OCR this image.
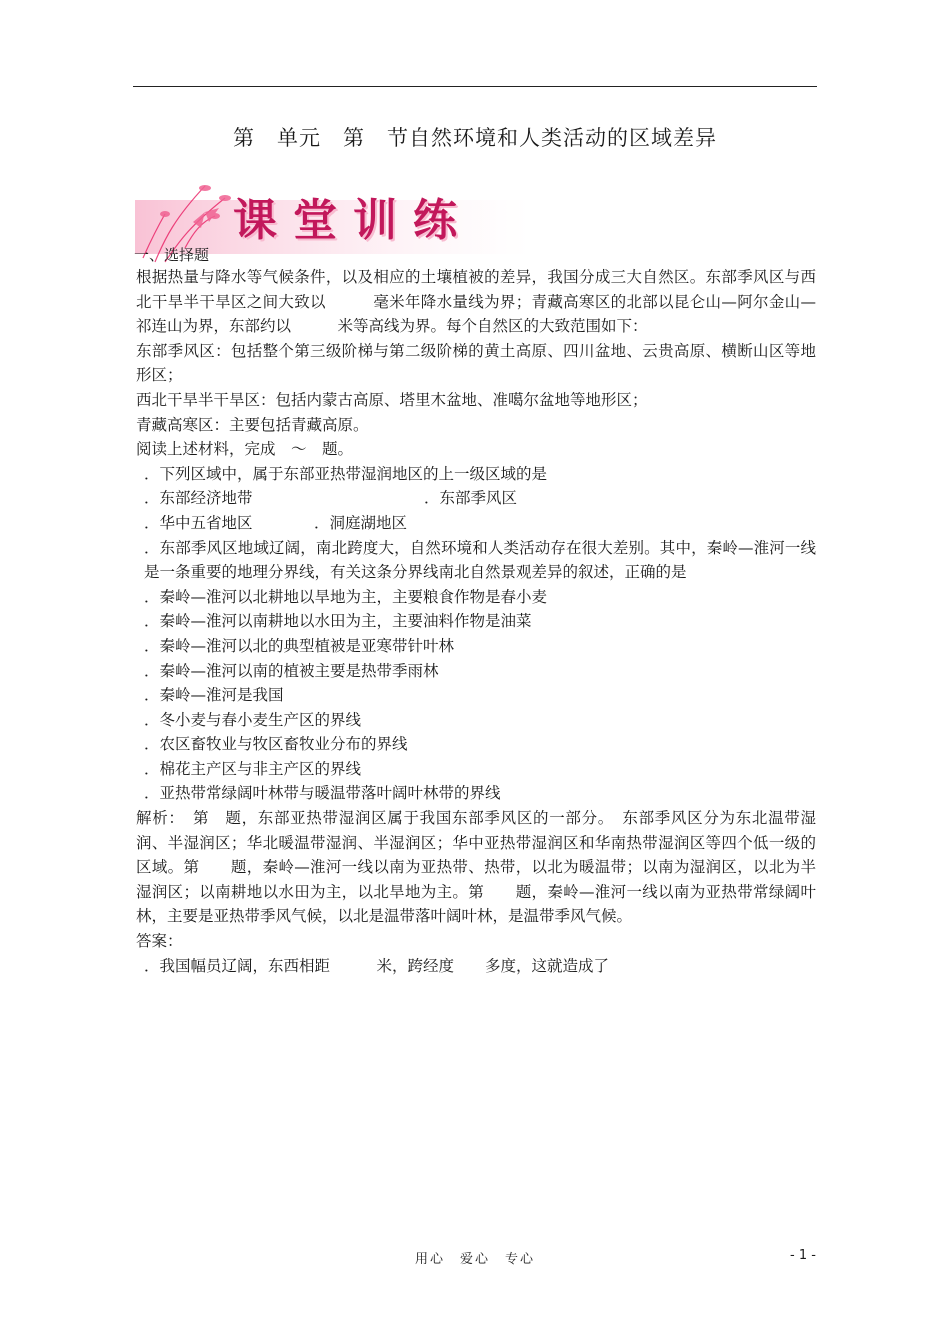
第　单元　第　节自然环境和人类活动的区域差异
课堂训练
一、选择题

根据热量与降水等气候条件，以及相应的土壤植被的差异，我国分成三大自然区。东部季风区与西北干旱半干旱区之间大致以　　　毫米年降水量线为界；青藏高寒区的北部以昆仑山—阿尔金山—祁连山为界，东部约以　　　米等高线为界。每个自然区的大致范围如下：

东部季风区：包括整个第三级阶梯与第二级阶梯的黄土高原、四川盆地、云贵高原、横断山区等地形区；

西北干旱半干旱区：包括内蒙古高原、塔里木盆地、准噶尔盆地等地形区；

青藏高寒区：主要包括青藏高原。

阅读上述材料，完成　～　题。

．下列区域中，属于东部亚热带湿润地区的上一级区域的是

．东部经济地带	．东部季风区
．华中五省地区	．洞庭湖地区

．东部季风区地域辽阔，南北跨度大，自然环境和人类活动存在很大差别。其中，秦岭—淮河一线是一条重要的地理分界线，有关这条分界线南北自然景观差异的叙述，正确的是

．秦岭—淮河以北耕地以旱地为主，主要粮食作物是春小麦

．秦岭—淮河以南耕地以水田为主，主要油料作物是油菜

．秦岭—淮河以北的典型植被是亚寒带针叶林

．秦岭—淮河以南的植被主要是热带季雨林

．秦岭—淮河是我国

．冬小麦与春小麦生产区的界线

．农区畜牧业与牧区畜牧业分布的界线

．棉花主产区与非主产区的界线

．亚热带常绿阔叶林带与暖温带落叶阔叶林带的界线

解析：　第　题，东部亚热带湿润区属于我国东部季风区的一部分。　东部季风区分为东北温带湿润、半湿润区；华北暖温带湿润、半湿润区；华中亚热带湿润区和华南热带湿润区等四个低一级的区域。第　　题，秦岭—淮河一线以南为亚热带、热带，以北为暖温带；以南为湿润区，以北为半湿润区；以南耕地以水田为主，以北旱地为主。第　　题，秦岭—淮河一线以南为亚热带常绿阔叶林，主要是亚热带季风气候，以北是温带落叶阔叶林，是温带季风气候。

答案：

．我国幅员辽阔，东西相距　　　米，跨经度　　多度，这就造成了

用心　爱心　专心	- 1 -
